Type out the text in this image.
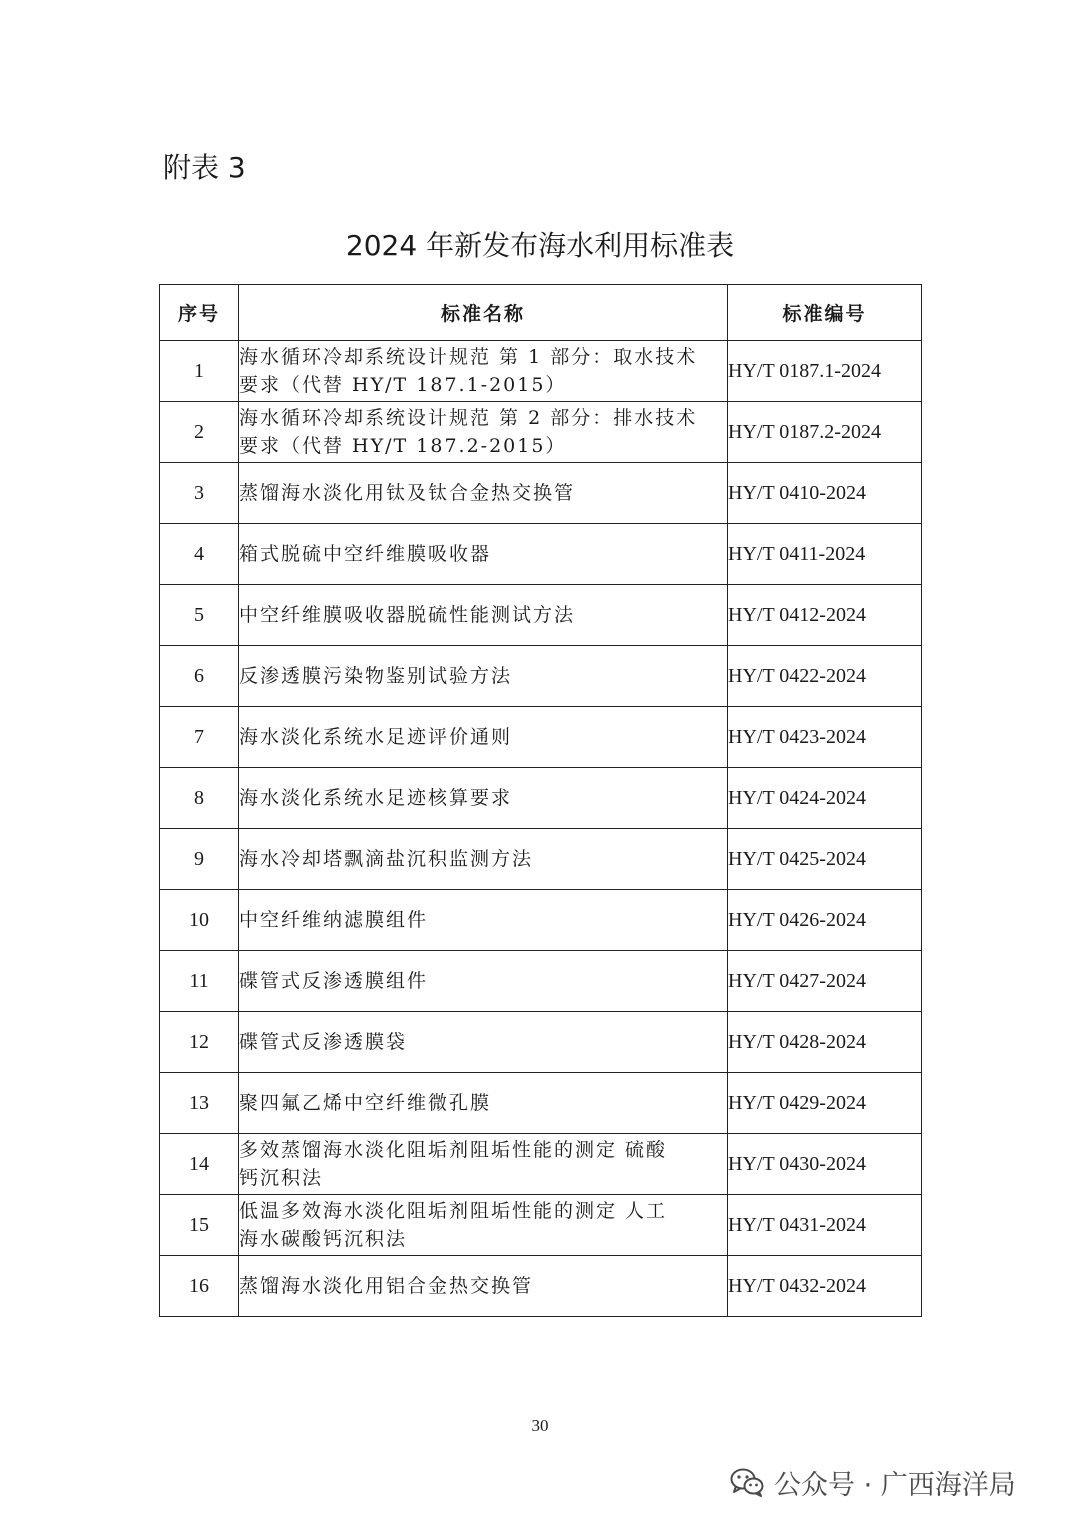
附表 3
2024 年新发布海水利用标准表
序号	标准名称	标准编号
1	海水循环冷却系统设计规范 第 1 部分：取水技术
要求（代替 HY/T 187.1-2015）	HY/T 0187.1-2024
2	海水循环冷却系统设计规范 第 2 部分：排水技术
要求（代替 HY/T 187.2-2015）	HY/T 0187.2-2024
3	蒸馏海水淡化用钛及钛合金热交换管	HY/T 0410-2024
4	箱式脱硫中空纤维膜吸收器	HY/T 0411-2024
5	中空纤维膜吸收器脱硫性能测试方法	HY/T 0412-2024
6	反渗透膜污染物鉴别试验方法	HY/T 0422-2024
7	海水淡化系统水足迹评价通则	HY/T 0423-2024
8	海水淡化系统水足迹核算要求	HY/T 0424-2024
9	海水冷却塔飘滴盐沉积监测方法	HY/T 0425-2024
10	中空纤维纳滤膜组件	HY/T 0426-2024
11	碟管式反渗透膜组件	HY/T 0427-2024
12	碟管式反渗透膜袋	HY/T 0428-2024
13	聚四氟乙烯中空纤维微孔膜	HY/T 0429-2024
14	多效蒸馏海水淡化阻垢剂阻垢性能的测定 硫酸
钙沉积法	HY/T 0430-2024
15	低温多效海水淡化阻垢剂阻垢性能的测定 人工
海水碳酸钙沉积法	HY/T 0431-2024
16	蒸馏海水淡化用铝合金热交换管	HY/T 0432-2024
30
公众号 · 广西海洋局
